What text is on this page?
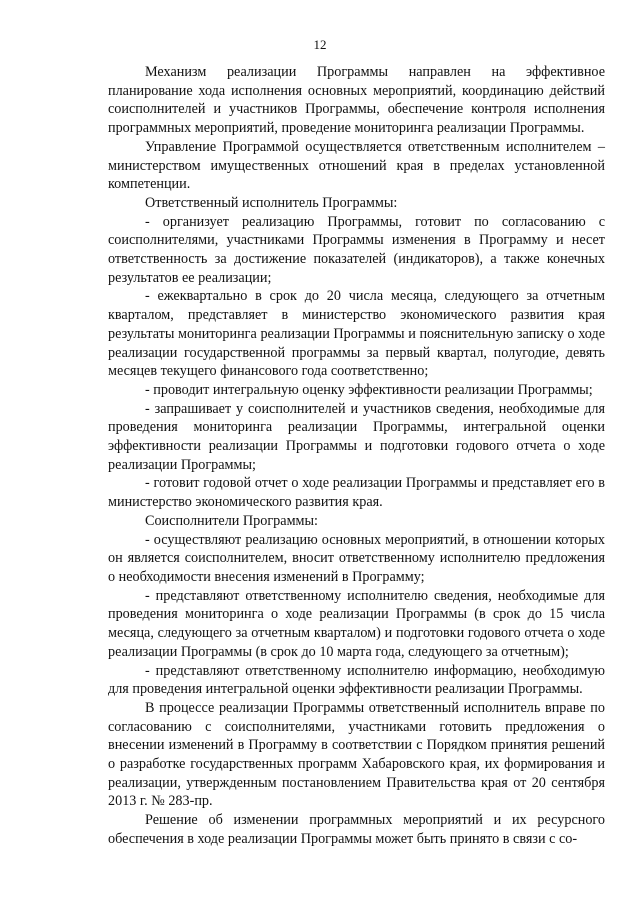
12

Механизм реализации Программы направлен на эффективное планирование хода исполнения основных мероприятий, координацию действий соисполнителей и участников Программы, обеспечение контроля исполнения программных мероприятий, проведение мониторинга реализации Программы.

Управление Программой осуществляется ответственным исполнителем – министерством имущественных отношений края в пределах установленной компетенции.

Ответственный исполнитель Программы:

- организует реализацию Программы, готовит по согласованию с соисполнителями, участниками Программы изменения в Программу и несет ответственность за достижение показателей (индикаторов), а также конечных результатов ее реализации;

- ежеквартально в срок до 20 числа месяца, следующего за отчетным кварталом, представляет в министерство экономического развития края результаты мониторинга реализации Программы и пояснительную записку о ходе реализации государственной программы за первый квартал, полугодие, девять месяцев текущего финансового года соответственно;

- проводит интегральную оценку эффективности реализации Программы;

- запрашивает у соисполнителей и участников сведения, необходимые для проведения мониторинга реализации Программы, интегральной оценки эффективности реализации Программы и подготовки годового отчета о ходе реализации Программы;

- готовит годовой отчет о ходе реализации Программы и представляет его в министерство экономического развития края.

Соисполнители Программы:

- осуществляют реализацию основных мероприятий, в отношении которых он является соисполнителем, вносит ответственному исполнителю предложения о необходимости внесения изменений в Программу;

- представляют ответственному исполнителю сведения, необходимые для проведения мониторинга о ходе реализации Программы (в срок до 15 числа месяца, следующего за отчетным кварталом) и подготовки годового отчета о ходе реализации Программы (в срок до 10 марта года, следующего за отчетным);

- представляют ответственному исполнителю информацию, необходимую для проведения интегральной оценки эффективности реализации Программы.

В процессе реализации Программы ответственный исполнитель вправе по согласованию с соисполнителями, участниками готовить предложения о внесении изменений в Программу в соответствии с Порядком принятия решений о разработке государственных программ Хабаровского края, их формирования и реализации, утвержденным постановлением Правительства края от 20 сентября 2013 г. № 283-пр.

Решение об изменении программных мероприятий и их ресурсного обеспечения в ходе реализации Программы может быть принято в связи с со-
